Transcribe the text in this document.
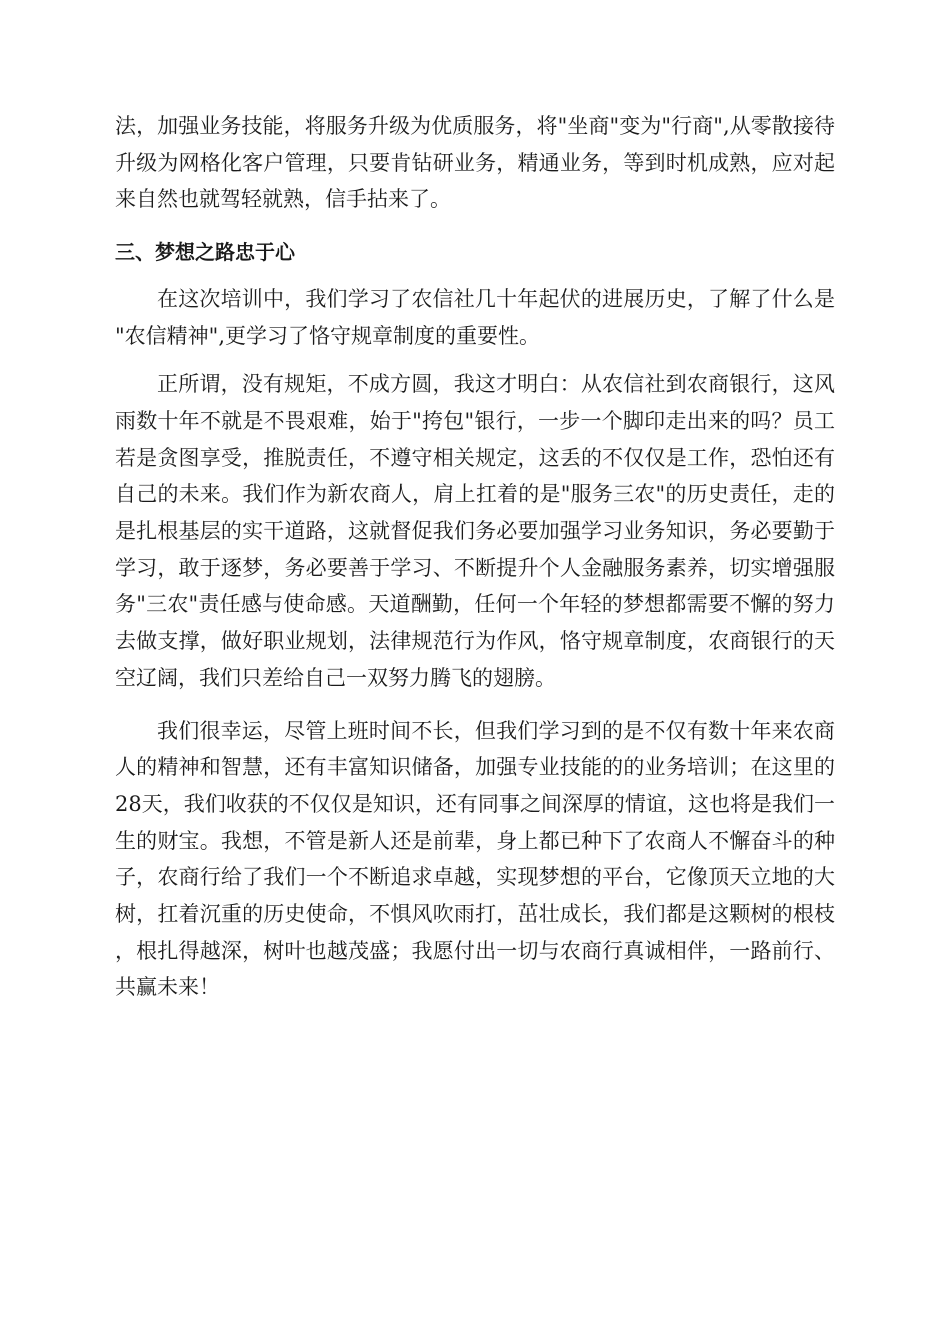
法，加强业务技能，将服务升级为优质服务，将"坐商"变为"行商",从零散接待升级为网格化客户管理，只要肯钻研业务，精通业务，等到时机成熟，应对起来自然也就驾轻就熟，信手拈来了。

三、梦想之路忠于心

在这次培训中，我们学习了农信社几十年起伏的进展历史，了解了什么是"农信精神",更学习了恪守规章制度的重要性。

正所谓，没有规矩，不成方圆，我这才明白：从农信社到农商银行，这风雨数十年不就是不畏艰难，始于"挎包"银行，一步一个脚印走出来的吗？员工若是贪图享受，推脱责任，不遵守相关规定，这丢的不仅仅是工作，恐怕还有自己的未来。我们作为新农商人，肩上扛着的是"服务三农"的历史责任，走的是扎根基层的实干道路，这就督促我们务必要加强学习业务知识，务必要勤于学习，敢于逐梦，务必要善于学习、不断提升个人金融服务素养，切实增强服务"三农"责任感与使命感。天道酬勤，任何一个年轻的梦想都需要不懈的努力去做支撑，做好职业规划，法律规范行为作风，恪守规章制度，农商银行的天空辽阔，我们只差给自己一双努力腾飞的翅膀。

我们很幸运，尽管上班时间不长，但我们学习到的是不仅有数十年来农商人的精神和智慧，还有丰富知识储备，加强专业技能的的业务培训；在这里的28天，我们收获的不仅仅是知识，还有同事之间深厚的情谊，这也将是我们一生的财宝。我想，不管是新人还是前辈，身上都已种下了农商人不懈奋斗的种子，农商行给了我们一个不断追求卓越，实现梦想的平台，它像顶天立地的大树，扛着沉重的历史使命，不惧风吹雨打，茁壮成长，我们都是这颗树的根枝，根扎得越深，树叶也越茂盛；我愿付出一切与农商行真诚相伴，一路前行、共赢未来！
